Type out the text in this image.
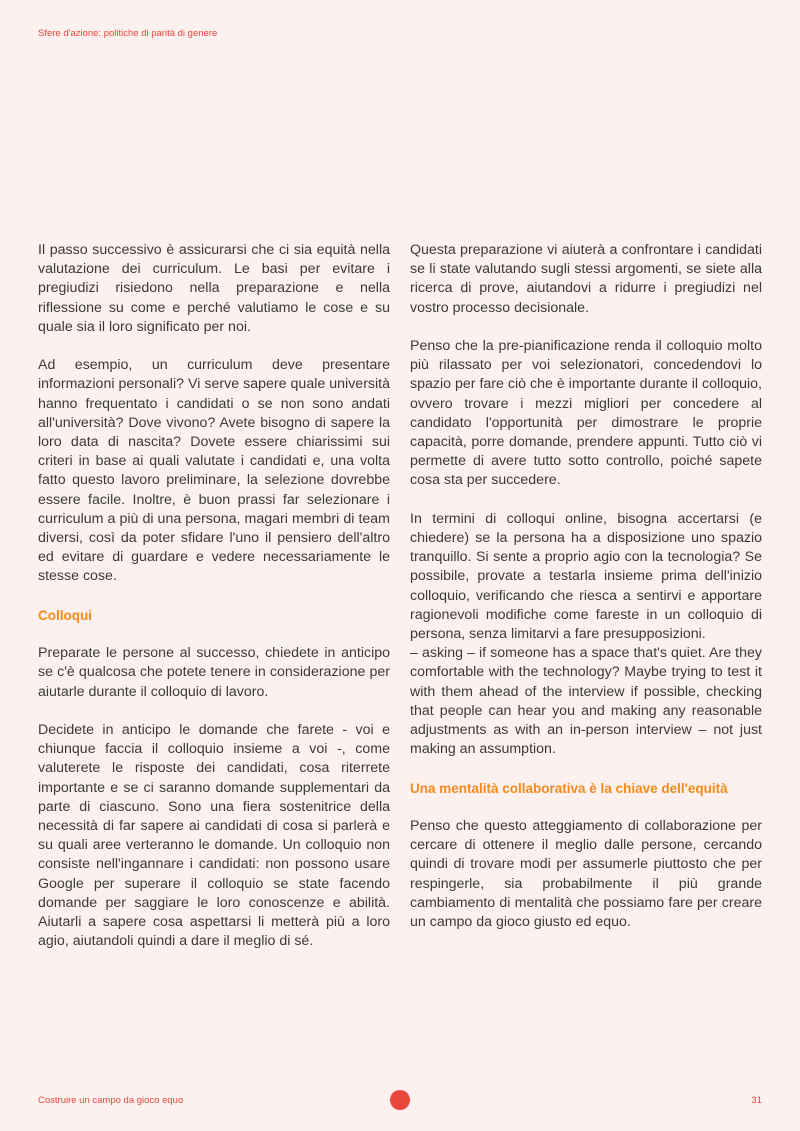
Sfere d'azione: politiche di parità di genere

Il passo successivo è assicurarsi che ci sia equità nella valutazione dei curriculum. Le basi per evitare i pregiudizi risiedono nella preparazione e nella riflessione su come e perché valutiamo le cose e su quale sia il loro significato per noi.

Ad esempio, un curriculum deve presentare informazioni personali? Vi serve sapere quale università hanno frequentato i candidati o se non sono andati all'università? Dove vivono? Avete bisogno di sapere la loro data di nascita? Dovete essere chiarissimi sui criteri in base ai quali valutate i candidati e, una volta fatto questo lavoro preliminare, la selezione dovrebbe essere facile. Inoltre, è buon prassi far selezionare i curriculum a più di una persona, magari membri di team diversi, così da poter sfidare l'uno il pensiero dell'altro ed evitare di guardare e vedere necessariamente le stesse cose.

Colloqui

Preparate le persone al successo, chiedete in anticipo se c'è qualcosa che potete tenere in considerazione per aiutarle durante il colloquio di lavoro.

Decidete in anticipo le domande che farete - voi e chiunque faccia il colloquio insieme a voi -, come valuterete le risposte dei candidati, cosa riterrete importante e se ci saranno domande supplementari da parte di ciascuno. Sono una fiera sostenitrice della necessità di far sapere ai candidati di cosa si parlerà e su quali aree verteranno le domande. Un colloquio non consiste nell'ingannare i candidati: non possono usare Google per superare il colloquio se state facendo domande per saggiare le loro conoscenze e abilità. Aiutarli a sapere cosa aspettarsi li metterà più a loro agio, aiutandoli quindi a dare il meglio di sé.

Questa preparazione vi aiuterà a confrontare i candidati se li state valutando sugli stessi argomenti, se siete alla ricerca di prove, aiutandovi a ridurre i pregiudizi nel vostro processo decisionale.

Penso che la pre-pianificazione renda il colloquio molto più rilassato per voi selezionatori, concedendovi lo spazio per fare ciò che è importante durante il colloquio, ovvero trovare i mezzi migliori per concedere al candidato l'opportunità per dimostrare le proprie capacità, porre domande, prendere appunti. Tutto ciò vi permette di avere tutto sotto controllo, poiché sapete cosa sta per succedere.

In termini di colloqui online, bisogna accertarsi (e chiedere) se la persona ha a disposizione uno spazio tranquillo. Si sente a proprio agio con la tecnologia? Se possibile, provate a testarla insieme prima dell'inizio colloquio, verificando che riesca a sentirvi e apportare ragionevoli modifiche come fareste in un colloquio di persona, senza limitarvi a fare presupposizioni.

– asking – if someone has a space that's quiet. Are they comfortable with the technology? Maybe trying to test it with them ahead of the interview if possible, checking that people can hear you and making any reasonable adjustments as with an in-person interview – not just making an assumption.

Una mentalità collaborativa è la chiave dell'equità

Penso che questo atteggiamento di collaborazione per cercare di ottenere il meglio dalle persone, cercando quindi di trovare modi per assumerle piuttosto che per respingerle, sia probabilmente il più grande cambiamento di mentalità che possiamo fare per creare un campo da gioco giusto ed equo.

Costruire un campo da gioco equo	31
